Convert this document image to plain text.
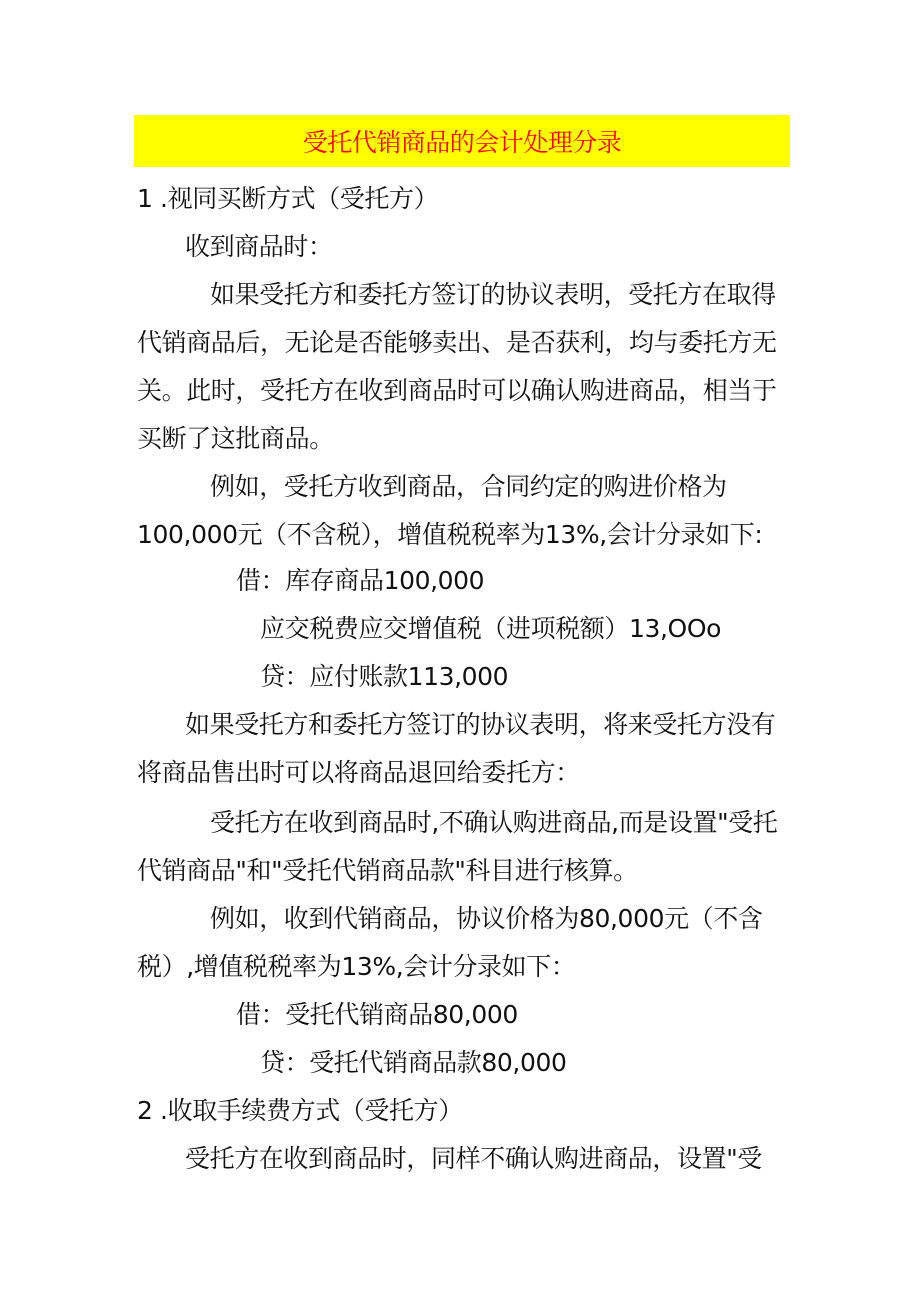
受托代销商品的会计处理分录
1 .视同买断方式（受托方）
收到商品时：
如果受托方和委托方签订的协议表明，受托方在取得
代销商品后，无论是否能够卖出、是否获利，均与委托方无
关。此时，受托方在收到商品时可以确认购进商品，相当于
买断了这批商品。
例如，受托方收到商品，合同约定的购进价格为
100,000元（不含税），增值税税率为13%,会计分录如下:
借：库存商品100,000
应交税费应交增值税（进项税额）13,OOo
贷：应付账款113,000
如果受托方和委托方签订的协议表明，将来受托方没有
将商品售出时可以将商品退回给委托方：
受托方在收到商品时,不确认购进商品,而是设置"受托
代销商品"和"受托代销商品款"科目进行核算。
例如，收到代销商品，协议价格为80,000元（不含
税）,增值税税率为13%,会计分录如下：
借：受托代销商品80,000
贷：受托代销商品款80,000
2 .收取手续费方式（受托方）
受托方在收到商品时，同样不确认购进商品，设置"受
